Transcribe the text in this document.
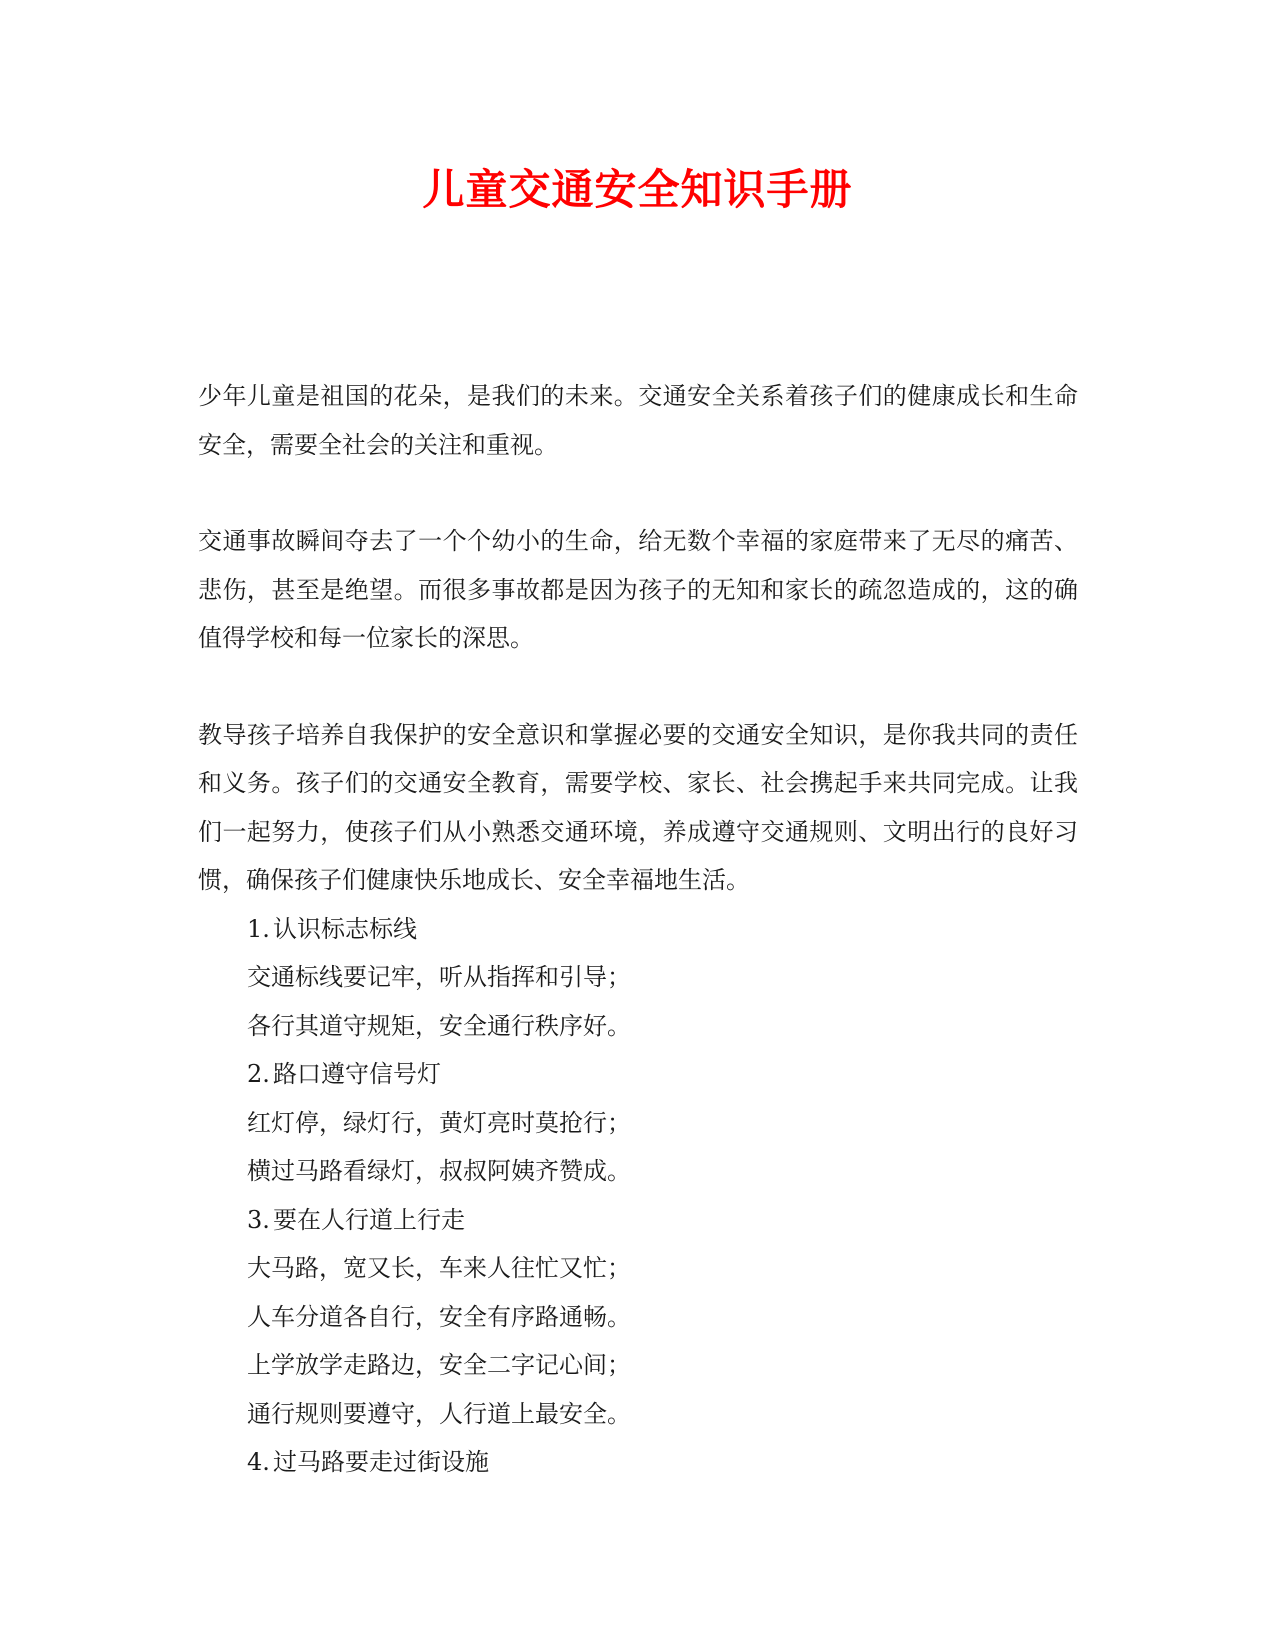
儿童交通安全知识手册

少年儿童是祖国的花朵，是我们的未来。交通安全关系着孩子们的健康成长和生命安全，需要全社会的关注和重视。

交通事故瞬间夺去了一个个幼小的生命，给无数个幸福的家庭带来了无尽的痛苦、悲伤，甚至是绝望。而很多事故都是因为孩子的无知和家长的疏忽造成的，这的确值得学校和每一位家长的深思。

教导孩子培养自我保护的安全意识和掌握必要的交通安全知识，是你我共同的责任和义务。孩子们的交通安全教育，需要学校、家长、社会携起手来共同完成。让我们一起努力，使孩子们从小熟悉交通环境，养成遵守交通规则、文明出行的良好习惯，确保孩子们健康快乐地成长、安全幸福地生活。

1. 认识标志标线

交通标线要记牢，听从指挥和引导；

各行其道守规矩，安全通行秩序好。

2. 路口遵守信号灯

红灯停，绿灯行，黄灯亮时莫抢行；

横过马路看绿灯，叔叔阿姨齐赞成。

3. 要在人行道上行走

大马路，宽又长，车来人往忙又忙；

人车分道各自行，安全有序路通畅。

上学放学走路边，安全二字记心间；

通行规则要遵守，人行道上最安全。

4. 过马路要走过街设施
